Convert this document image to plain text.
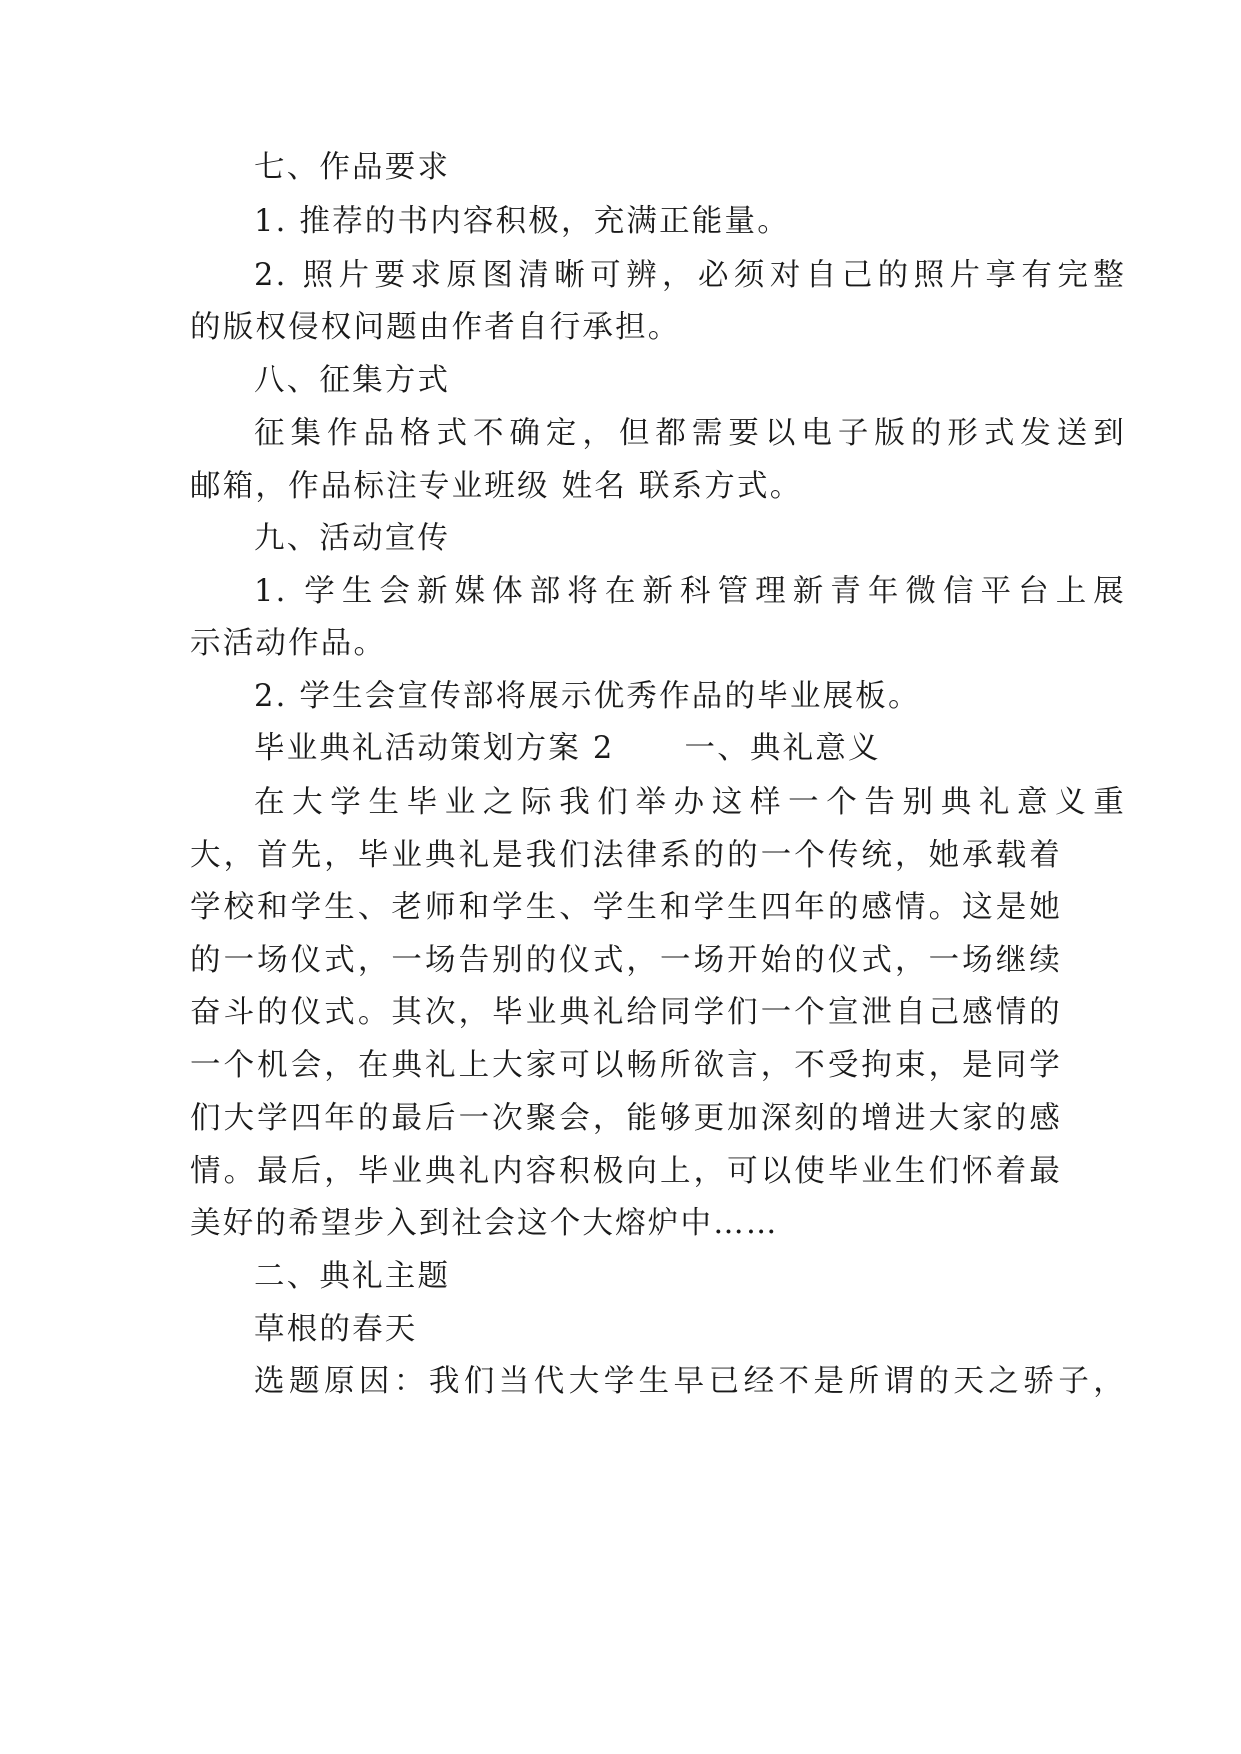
七、作品要求
1. 推荐的书内容积极，充满正能量。
2. 照片要求原图清晰可辨，必须对自己的照片享有完整
的版权侵权问题由作者自行承担。
八、征集方式
征集作品格式不确定，但都需要以电子版的形式发送到
邮箱，作品标注专业班级 姓名 联系方式。
九、活动宣传
1. 学生会新媒体部将在新科管理新青年微信平台上展
示活动作品。
2. 学生会宣传部将展示优秀作品的毕业展板。
毕业典礼活动策划方案 2 一、典礼意义
在大学生毕业之际我们举办这样一个告别典礼意义重
大，首先，毕业典礼是我们法律系的的一个传统，她承载着
学校和学生、老师和学生、学生和学生四年的感情。这是她
的一场仪式，一场告别的仪式，一场开始的仪式，一场继续
奋斗的仪式。其次，毕业典礼给同学们一个宣泄自己感情的
一个机会，在典礼上大家可以畅所欲言，不受拘束，是同学
们大学四年的最后一次聚会，能够更加深刻的增进大家的感
情。最后，毕业典礼内容积极向上，可以使毕业生们怀着最
美好的希望步入到社会这个大熔炉中……
二、典礼主题
草根的春天
选题原因：我们当代大学生早已经不是所谓的天之骄子，
